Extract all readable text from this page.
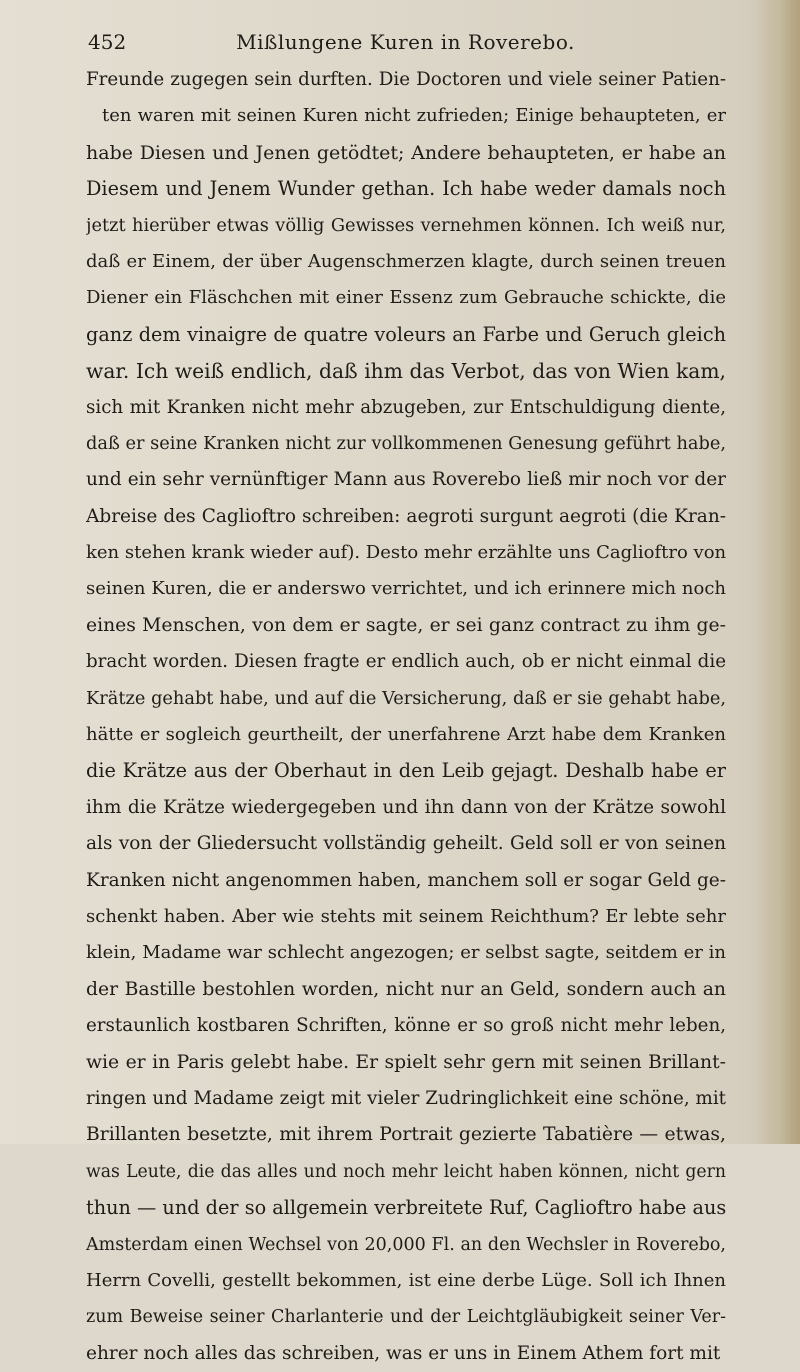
452	Mißlungene Kuren in Roverebo.
Freunde zugegen sein durften. Die Doctoren und viele seiner Patien-
ten waren mit seinen Kuren nicht zufrieden; Einige behaupteten, er
habe Diesen und Jenen getödtet; Andere behaupteten, er habe an
Diesem und Jenem Wunder gethan. Ich habe weder damals noch
jetzt hierüber etwas völlig Gewisses vernehmen können. Ich weiß nur,
daß er Einem, der über Augenschmerzen klagte, durch seinen treuen
Diener ein Fläschchen mit einer Essenz zum Gebrauche schickte, die
ganz dem vinaigre de quatre voleurs an Farbe und Geruch gleich
war. Ich weiß endlich, daß ihm das Verbot, das von Wien kam,
sich mit Kranken nicht mehr abzugeben, zur Entschuldigung diente,
daß er seine Kranken nicht zur vollkommenen Genesung geführt habe,
und ein sehr vernünftiger Mann aus Roverebo ließ mir noch vor der
Abreise des Caglioftro schreiben: aegroti surgunt aegroti (die Kran-
ken stehen krank wieder auf). Desto mehr erzählte uns Caglioftro von
seinen Kuren, die er anderswo verrichtet, und ich erinnere mich noch
eines Menschen, von dem er sagte, er sei ganz contract zu ihm ge-
bracht worden. Diesen fragte er endlich auch, ob er nicht einmal die
Krätze gehabt habe, und auf die Versicherung, daß er sie gehabt habe,
hätte er sogleich geurtheilt, der unerfahrene Arzt habe dem Kranken
die Krätze aus der Oberhaut in den Leib gejagt. Deshalb habe er
ihm die Krätze wiedergegeben und ihn dann von der Krätze sowohl
als von der Gliedersucht vollständig geheilt. Geld soll er von seinen
Kranken nicht angenommen haben, manchem soll er sogar Geld ge-
schenkt haben. Aber wie stehts mit seinem Reichthum? Er lebte sehr
klein, Madame war schlecht angezogen; er selbst sagte, seitdem er in
der Bastille bestohlen worden, nicht nur an Geld, sondern auch an
erstaunlich kostbaren Schriften, könne er so groß nicht mehr leben,
wie er in Paris gelebt habe. Er spielt sehr gern mit seinen Brillant-
ringen und Madame zeigt mit vieler Zudringlichkeit eine schöne, mit
Brillanten besetzte, mit ihrem Portrait gezierte Tabatière — etwas,
was Leute, die das alles und noch mehr leicht haben können, nicht gern
thun — und der so allgemein verbreitete Ruf, Caglioftro habe aus
Amsterdam einen Wechsel von 20,000 Fl. an den Wechsler in Roverebo,
Herrn Covelli, gestellt bekommen, ist eine derbe Lüge. Soll ich Ihnen
zum Beweise seiner Charlanterie und der Leichtgläubigkeit seiner Ver-
ehrer noch alles das schreiben, was er uns in Einem Athem fort mit
